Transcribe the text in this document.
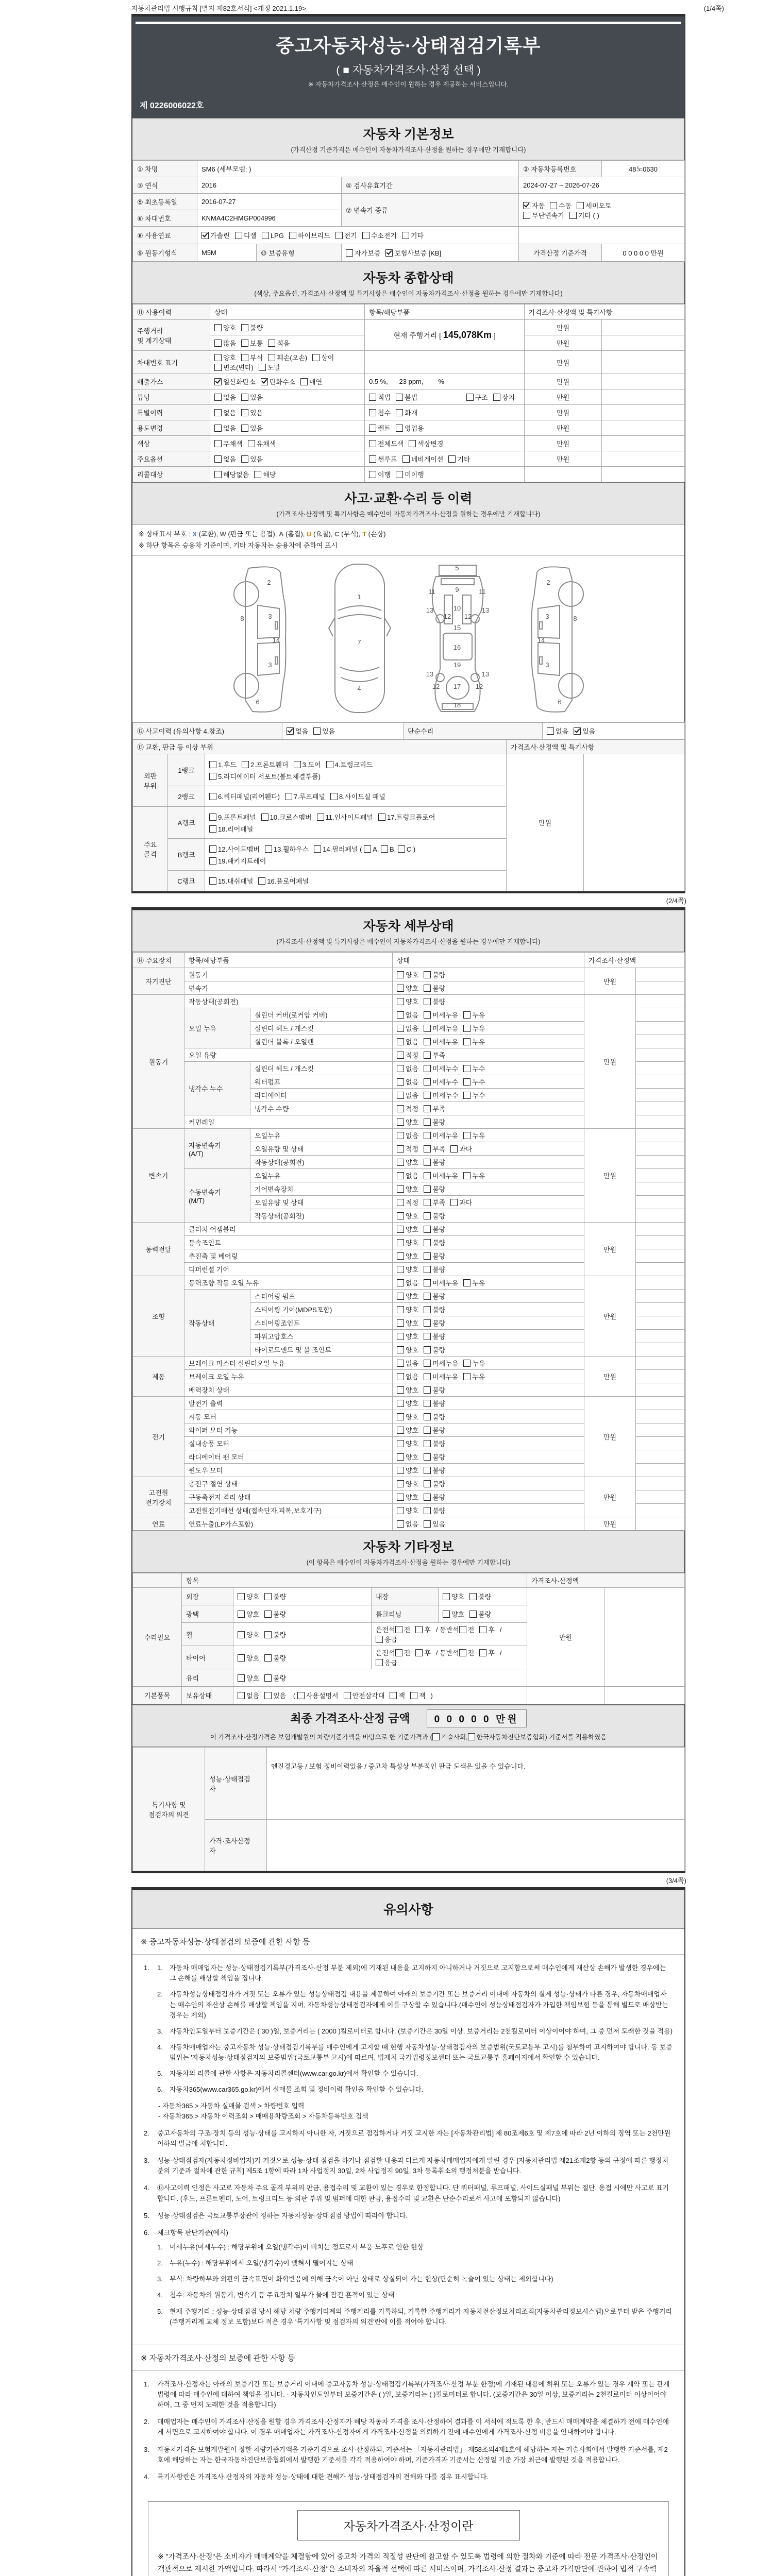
자동차관리법 시행규칙 [별지 제82호서식] <개정 2021.1.19>	(1/4쪽)
중고자동차성능·상태점검기록부
( ■ 자동차가격조사·산정 선택 )
※ 자동차가격조사·산정은 매수인이 원하는 경우 제공하는 서비스입니다.
제 0226006022호
자동차 기본정보
(가격산정 기준가격은 매수인이 자동차가격조사·산정을 원하는 경우에만 기재합니다)
① 차명	SM6 (세부모델: )			② 자동차등록번호	48노0630
③ 연식	2016		④ 검사유효기간	2024-07-27 ~ 2026-07-26	
⑤ 최초등록일	2016-07-27		⑦ 변속기 종류	자동 수동 세미오토
무단변속기 기타 ( )	

⑥ 차대번호	KNMA4C2HMGP004996				
⑧ 사용연료	가솔린 디젤 LPG 하이브리드 전기 수소전기 기타				
⑨ 원동기형식	M5M	⑩ 보증유형	자가보증 보험사보증 [KB]	가격산정 기준가격	0 0 0 0 0 만원
자동차 종합상태
(색상, 주요옵션, 가격조사·산정액 및 특기사항은 매수인이 자동차가격조사·산정을 원하는 경우에만 기재합니다)
⑪ 사용이력	상태	항목/해당부품	가격조사·산정액 및 특기사항	
주행거리
및 계기상태	양호 불량	현재 주행거리 [ 145,078Km ]	만원	
	많음 보통 적음		만원	
차대번호 표기	양호 부식 훼손(오손) 상이변조(변타) 도말		만원	
배출가스	일산화탄소 탄화수소 매연	0.5 %,      23 ppm,        %	만원	
튜닝	없음 있음	적법 불법 구조 장치	만원	
특별이력	없음 있음	침수 화재	만원	
용도변경	없음 있음	렌트 영업용	만원	
색상	무채색 유채색	전체도색 색상변경	만원	
주요옵션	없음 있음	썬루프 네비게이션 기타	만원	
리콜대상	해당없음 해당	이행 미이행		
사고·교환·수리 등 이력
(가격조사·산정액 및 특기사항은 매수인이 자동차가격조사·산정을 원하는 경우에만 기재합니다)
※ 상태표시 부호 : X (교환), W (판금 또는 용접), A (흠집), U (요철), C (부식), T (손상)
※ 하단 항목은 승용차 기준이며, 기타 자동차는 승용차에 준하여 표시
2
8	3
14
3
6
1
7
4
5
11	9	11
13
12 12
13
10
15
16
19
13	13
12	12
17
18
2
3	8
14
3
6
⑫ 사고이력 (유의사항 4.참조)	없음 있음	단순수리	없음 있음
⑬ 교환, 판금 등 이상 부위			가격조사·산정액 및 특기사항	
외판
부위	1랭크	
1.후드 2.프론트휀더 3.도어 4.트렁크리드
5.라디에이터 서포트(볼트체결부품)
	만원	
	2랭크	6.쿼터패널(리어휀다) 7.루프패널 8.사이드실 패널		

주요
골격	A랭크	
9.프론트패널 10.크로스멤버 11.인사이드패널 17.트렁크플로어
18.리어패널

	B랭크	12.사이드멤버 13.휠하우스 14.필러패널 ( A, B, C )
19.패키지트레이		

	C랭크	15.대쉬패널 16.플로어패널		
(2/4쪽)
자동차 세부상태
(가격조사·산정액 및 특기사항은 매수인이 자동차가격조사·산정을 원하는 경우에만 기재합니다)
⑭ 주요장치	항목/해당부품		상태	가격조사·산정액	
자기진단	원동기		양호 불량	만원	
	변속기		양호 불량		
원동기	작동상태(공회전)		양호 불량	만원	
	오일 누유	실린더 커버(로커암 커버)	없음 미세누유 누유		
		실린더 헤드 / 개스킷	없음 미세누유 누유		
		실린더 블록 / 오일팬	없음 미세누유 누유		
	오일 유량		적정 부족		
	냉각수 누수	실린더 헤드 / 개스킷	없음 미세누수 누수		
		워터펌프	없음 미세누수 누수		
		라디에이터	없음 미세누수 누수		
		냉각수 수량	적정 부족		
	커먼레일		양호 불량		
변속기	자동변속기
(A/T)	오일누유	없음 미세누유 누유	만원	
		오일유량 및 상태	적정 부족 과다		
		작동상태(공회전)	양호 불량		
	수동변속기
(M/T)	오일누유	없음 미세누유 누유		
		기어변속장치	양호 불량		
		오일유량 및 상태	적정 부족 과다		
		작동상태(공회전)	양호 불량		
동력전달	클러치 어셈블리		양호 불량	만원	
	등속조인트		양호 불량		
	추진축 및 베어링		양호 불량		
	디퍼런셜 기어		양호 불량		
조향	동력조향 작동 오일 누유		없음 미세누유 누유	만원	
	작동상태	스티어링 펌프	양호 불량		
		스티어링 기어(MDPS포함)	양호 불량		
		스티어링조인트	양호 불량		
		파워고압호스	양호 불량		
		타이로드엔드 및 볼 조인트	양호 불량		
제동	브레이크 마스터 실린더오일 누유		없음 미세누유 누유	만원	
	브레이크 오일 누유		없음 미세누유 누유		
	배력장치 상태		양호 불량		
전기	발전기 출력		양호 불량	만원	
	시동 모터		양호 불량		
	와이퍼 모터 기능		양호 불량		
	실내송풍 모터		양호 불량		
	라디에이터 팬 모터		양호 불량		
	윈도우 모터		양호 불량		
고전원
전기장치	충전구 절연 상태		양호 불량	만원	
	구동축전지 격리 상태		양호 불량		
	고전원전기배선 상태(접속단자,피복,보호기구)		양호 불량		
연료	연료누출(LP가스포함)		없음 있음	만원	
자동차 기타정보
(이 항목은 매수인이 자동차가격조사·산정을 원하는 경우에만 기재합니다)
	항목				가격조사·산정액	
수리필요	외장	양호 불량	내장	양호 불량	만원	
	광택	양호 불량	룸크리닝	양호 불량		
	휠	양호 불량	운전석 전 후 / 동반석 전 후 / 응급			
	타이어	양호 불량	운전석 전 후 / 동반석 전 후 / 응급			
	유리	양호 불량				
기본품목	보유상태	없음 있음 ( 사용설명서 안전삼각대 잭 잭 )				
최종 가격조사·산정 금액 0 0 0 0 0 만원
이 가격조사·산정가격은 보험개발원의 차량기준가액을 바탕으로 한 기준가격과 ( 기술사회, 한국자동차진단보증협회) 기준서를 적용하였음
특기사항 및
점검자의 의견	성능·상태점검
자	엔진경고등 / 보험 정비이력있음 / 중고차 특성상 부분적인 판금 도색은 있을 수 있습니다.
	가격·조사산정
자	
(3/4쪽)
유의사항
※ 중고자동차성능·상태점검의 보증에 관한 사항 등
1.	1.	자동차 매매업자는 성능·상태점검기록부(가격조사·산정 부분 제외)에 기재된 내용을 고지하지 아니하거나 거짓으로 고지함으로써 매수인에게 재산상 손해가 발생한 경우에는 그 손해를 배상할 책임을 집니다.
2.	자동차성능상태점검자가 거짓 또는 오류가 있는 성능상태점검 내용을 제공하여 아래의 보증기간 또는 보증거리 이내에 자동차의 실제 성능·상태가 다른 경우, 자동차매매업자는 매수인의 재산상 손해를 배상할 책임을 지며, 자동차성능상태점검자에게 이를 구상할 수 있습니다.(매수인이 성능상태점검자가 가입한 책임보험 등을 통해 별도로 배상받는 경우는 제외)
3.	자동차인도일부터 보증기간은 ( 30 )일, 보증거리는 ( 2000 )킬로미터로 합니다. (보증기간은 30일 이상, 보증거리는 2천킬로미터 이상이어야 하며, 그 중 먼저 도래한 것을 적용)
4.	자동차매매업자는 중고자동차 성능·상태점검기록부를 매수인에게 고지할 때 현행 자동차성능·상태점검자의 보증범위(국토교통부 고시)를 첨부하여 고지하여야 합니다. 동 보증범위는 '자동차성능·상태점검자의 보증범위'(국토교통부 고시)에 따르며, 법제처 국가법령정보센터 또는 국토교통부 홈페이지에서 확인할 수 있습니다.
5.	자동차의 리콜에 관한 사항은 자동차리콜센터(www.car.go.kr)에서 확인할 수 있습니다.
6.	자동차365(www.car365.go.kr)에서 실매물 조회 및 정비이력 확인을 확인할 수 있습니다.
- 자동차365 > 자동차 실매물 검색 > 차량번호 입력
- 자동차365 > 자동차 이력조회 > 매매용차량조회 > 자동차등록번호 검색
2.	중고자동차의 구조·장치 등의 성능·상태를 고지하지 아니한 자, 거짓으로 점검하거나 거짓 고지한 자는 [자동차관리법] 제 80조제6호 및 제7호에 따라 2년 이하의 징역 또는 2천만원 이하의 벌금에 처합니다.
3.	성능·상태점검자(자동차정비업자)가 거짓으로 성능·상태 점검을 하거나 점검한 내용과 다르게 자동차매매업자에게 알린 경우 [자동차관리법 제21조제2항 등의 규정에 따른 행정처분의 기준과 절차에 관한 규칙] 제5조 1항에 따라 1차 사업정지 30일, 2차 사업정지 90일, 3차 등록취소의 행정처분을 받습니다.
4.	⑫사고이력 인정은 사고로 자동차 주요 골격 부위의 판금, 용접수리 및 교환이 있는 경우로 한정합니다. 단 쿼터패널, 루프패널, 사이드실패널 부위는 절단, 용접 시에만 사고로 표기합니다. (후드, 프론트펜더, 도어, 트렁크리드 등 외판 부위 및 범퍼에 대한 판금, 용접수리 및 교환은 단순수리로서 사고에 포함되지 않습니다)
5.	성능·상태점검은 국토교통부장관이 정하는 자동차성능·상태점검 방법에 따라야 합니다.
6.	체크항목 판단기준(예시)
1.	미세누유(미세누수) : 해당부위에 오일(냉각수)이 비치는 정도로서 부품 노후로 인한 현상
2.	누유(누수) : 해당부위에서 오일(냉각수)이 맺혀서 떨어지는 상태
3.	부식: 차량하부와 외판의 금속표면이 화학반응에 의해 금속이 아닌 상태로 상실되어 가는 현상(단순히 녹슬어 있는 상태는 제외합니다)
4.	침수: 자동차의 원동기, 변속기 등 주요장치 일부가 물에 잠긴 흔적이 있는 상태
5.	현재 주행거리 : 성능·상태점검 당시 해당 차량 주행거리계의 주행거리를 기록하되, 기록한 주행거리가 자동차전산정보처리조직(자동차관리정보시스템)으로부터 받은 주행거리(주행거리계 교체 정보 포함)보다 적은 경우 '특기사항 및 점검자의 의견'란에 이를 적어야 합니다.
※ 자동차가격조사·산정의 보증에 관한 사항 등
1.	가격조사·산정자는 아래의 보증기간 또는 보증거리 이내에 중고자동차 성능·상태점검기록부(가격조사·산정 부분 한정)에 기재된 내용에 허위 또는 오류가 있는 경우 계약 또는 관계법령에 따라 매수인에 대하여 책임을 집니다. · 자동차인도일부터 보증기간은 ( )일, 보증거리는 ( )킬로미터로 합니다. (보증기간은 30일 이상, 보증거리는 2천킬로미터 이상이어야 하며, 그 중 먼저 도래한 것을 적용합니다)
2.	매매업자는 매수인이 가격조사·산정을 원할 경우 가격조사·산정자가 해당 자동차 가격을 조사·산정하여 결과를 이 서식에 적도록 한 후, 반드시 매매계약을 체결하기 전에 매수인에게 서면으로 고지하여야 합니다. 이 경우 매매업자는 가격조사·산정자에게 가격조사·산정을 의뢰하기 전에 매수인에게 가격조사·산정 비용을 안내하여야 합니다.
3.	자동차가격은 보험개발원이 정한 차량기준가액을 기준가격으로 조사·산정하되, 기준서는 「자동차관리법」 제58조의4제1호에 해당하는 자는 기술사회에서 발행한 기준서를, 제2호에 해당하는 자는 한국자동차진단보증협회에서 발행한 기준서를 각각 적용하여야 하며, 기준가격과 기준서는 산정일 기준 가장 최근에 발행된 것을 적용합니다.
4.	특기사항란은 가격조사·산정자의 자동차 성능·상태에 대한 견해가 성능·상태점검자의 견해와 다를 경우 표시합니다.
자동차가격조사·산정이란
※ "가격조사·산정"은 소비자가 매매계약을 체결함에 있어 중고차 가격의 적절성 판단에 참고할 수 있도록 법령에 의한 절차와 기준에 따라 전문 가격조사·산정인이 객관적으로 제시한 가액입니다. 따라서 "가격조사·산정"은 소비자의 자율적 선택에 따른 서비스이며, 가격조사·산정 결과는 중고차 가격판단에 관하여 법적 구속력
